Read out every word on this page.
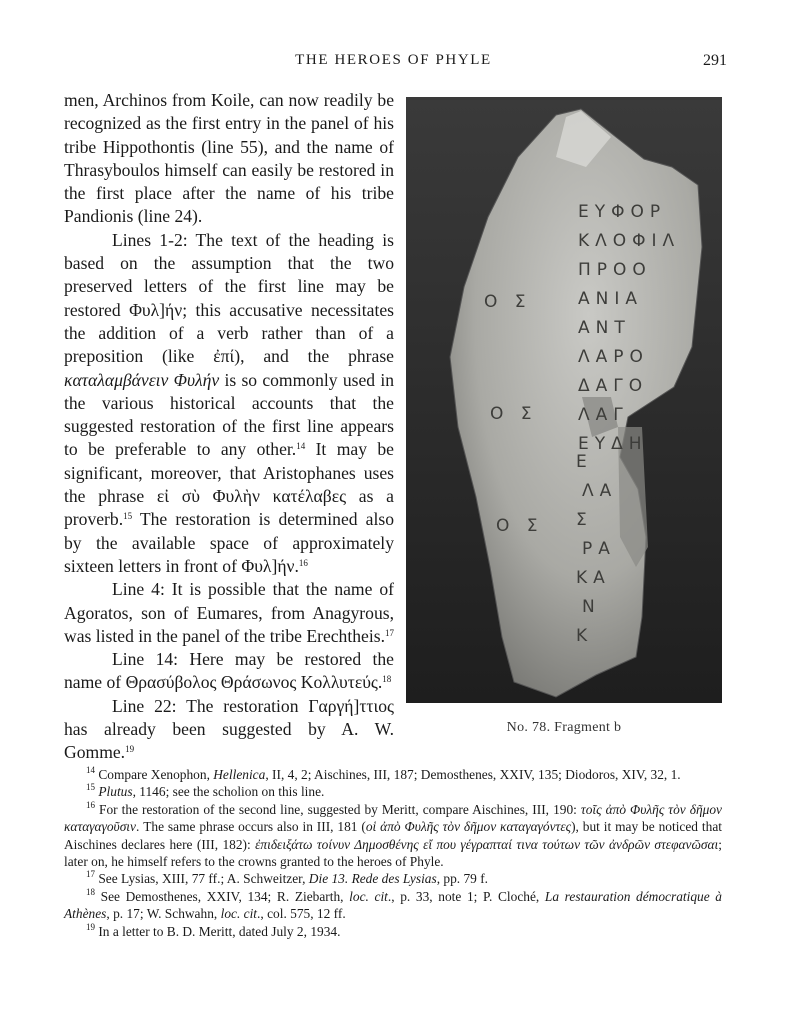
THE HEROES OF PHYLE	291

men, Archinos from Koile, can now readily be recognized as the first entry in the panel of his tribe Hippothontis (line 55), and the name of Thrasyboulos himself can easily be restored in the first place after the name of his tribe Pandionis (line 24).

Lines 1-2: The text of the heading is based on the assumption that the two preserved letters of the first line may be restored Φυλ]ήν; this accusative necessitates the addition of a verb rather than of a preposition (like ἐπί), and the phrase καταλαμβάνειν Φυλήν is so commonly used in the various historical accounts that the suggested restoration of the first line appears to be preferable to any other.$^{14}$ It may be significant, moreover, that Aristophanes uses the phrase εἰ σὺ Φυλὴν κατέλαβες as a proverb.$^{15}$ The restoration is determined also by the available space of approximately sixteen letters in front of Φυλ]ήν.$^{16}$

Line 4: It is possible that the name of Agoratos, son of Eumares, from Anagyrous, was listed in the panel of the tribe Erechtheis.$^{17}$

Line 14: Here may be restored the name of Θρασύβολος Θράσωνος Κολλυτεύς.$^{18}$

Line 22: The restoration Γαργή]ττιος has already been suggested by A. W. Gomme.$^{19}$

ΕΥΦΟΡ
ΚΛΟΦΙΛ
ΠΡΟΟ
ΑΝΙΑ
ΑΝΤ
ΛΑΡΟ
ΔΑΓΟ
ΛΑΓ
ΕΥΔΗ
Ο Σ
Ο Σ
Ο Σ
Ε
ΛΑ
Σ
ΡΑ
ΚΑ
Ν
Κ
No. 78. Fragment b

$^{14}$ Compare Xenophon, Hellenica, II, 4, 2; Aischines, III, 187; Demosthenes, XXIV, 135; Diodoros, XIV, 32, 1.

$^{15}$ Plutus, 1146; see the scholion on this line.

$^{16}$ For the restoration of the second line, suggested by Meritt, compare Aischines, III, 190: τοῖς ἀπὸ Φυλῆς τὸν δῆμον καταγαγοῦσιν. The same phrase occurs also in III, 181 (οἱ ἀπὸ Φυλῆς τὸν δῆμον καταγαγόντες), but it may be noticed that Aischines declares here (III, 182): ἐπιδειξάτω τοίνυν Δημοσθένης εἴ που γέγραπταί τινα τούτων τῶν ἀνδρῶν στεφανῶσαι; later on, he himself refers to the crowns granted to the heroes of Phyle.

$^{17}$ See Lysias, XIII, 77 ff.; A. Schweitzer, Die 13. Rede des Lysias, pp. 79 f.

$^{18}$ See Demosthenes, XXIV, 134; R. Ziebarth, loc. cit., p. 33, note 1; P. Cloché, La restauration démocratique à Athènes, p. 17; W. Schwahn, loc. cit., col. 575, 12 ff.

$^{19}$ In a letter to B. D. Meritt, dated July 2, 1934.
